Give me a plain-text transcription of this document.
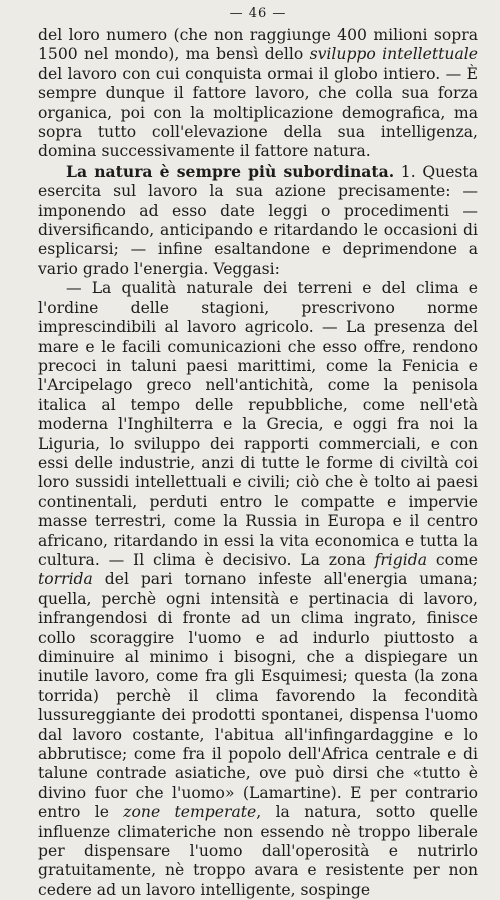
— 46 —

del loro numero (che non raggiunge 400 milioni sopra 1500 nel mondo), ma bensì dello sviluppo intellettuale del lavoro con cui conquista ormai il globo intiero. — È sempre dunque il fattore lavoro, che colla sua forza organica, poi con la moltiplicazione demografica, ma sopra tutto coll'elevazione della sua intelligenza, domina successivamente il fattore natura.

La natura è sempre più subordinata. 1. Questa esercita sul lavoro la sua azione precisamente: — imponendo ad esso date leggi o procedimenti — diversificando, anticipando e ritardando le occasioni di esplicarsi; — infine esaltandone e deprimendone a vario grado l'energia. Veggasi:

— La qualità naturale dei terreni e del clima e l'ordine delle stagioni, prescrivono norme imprescindibili al lavoro agricolo. — La presenza del mare e le facili comunicazioni che esso offre, rendono precoci in taluni paesi marittimi, come la Fenicia e l'Arcipelago greco nell'antichità, come la penisola italica al tempo delle repubbliche, come nell'età moderna l'Inghilterra e la Grecia, e oggi fra noi la Liguria, lo sviluppo dei rapporti commerciali, e con essi delle industrie, anzi di tutte le forme di civiltà coi loro sussidi intellettuali e civili; ciò che è tolto ai paesi continentali, perduti entro le compatte e impervie masse terrestri, come la Russia in Europa e il centro africano, ritardando in essi la vita economica e tutta la cultura. — Il clima è decisivo. La zona frigida come torrida del pari tornano infeste all'energia umana; quella, perchè ogni intensità e pertinacia di lavoro, infrangendosi di fronte ad un clima ingrato, finisce collo scoraggire l'uomo e ad indurlo piuttosto a diminuire al minimo i bisogni, che a dispiegare un inutile lavoro, come fra gli Esquimesi; questa (la zona torrida) perchè il clima favorendo la fecondità lussureggiante dei prodotti spontanei, dispensa l'uomo dal lavoro costante, l'abitua all'infingardaggine e lo abbrutisce; come fra il popolo dell'Africa centrale e di talune contrade asiatiche, ove può dirsi che «tutto è divino fuor che l'uomo» (Lamartine). E per contrario entro le zone temperate, la natura, sotto quelle influenze climateriche non essendo nè troppo liberale per dispensare l'uomo dall'operosità e nutrirlo gratuitamente, nè troppo avara e resistente per non cedere ad un lavoro intelligente, sospinge
